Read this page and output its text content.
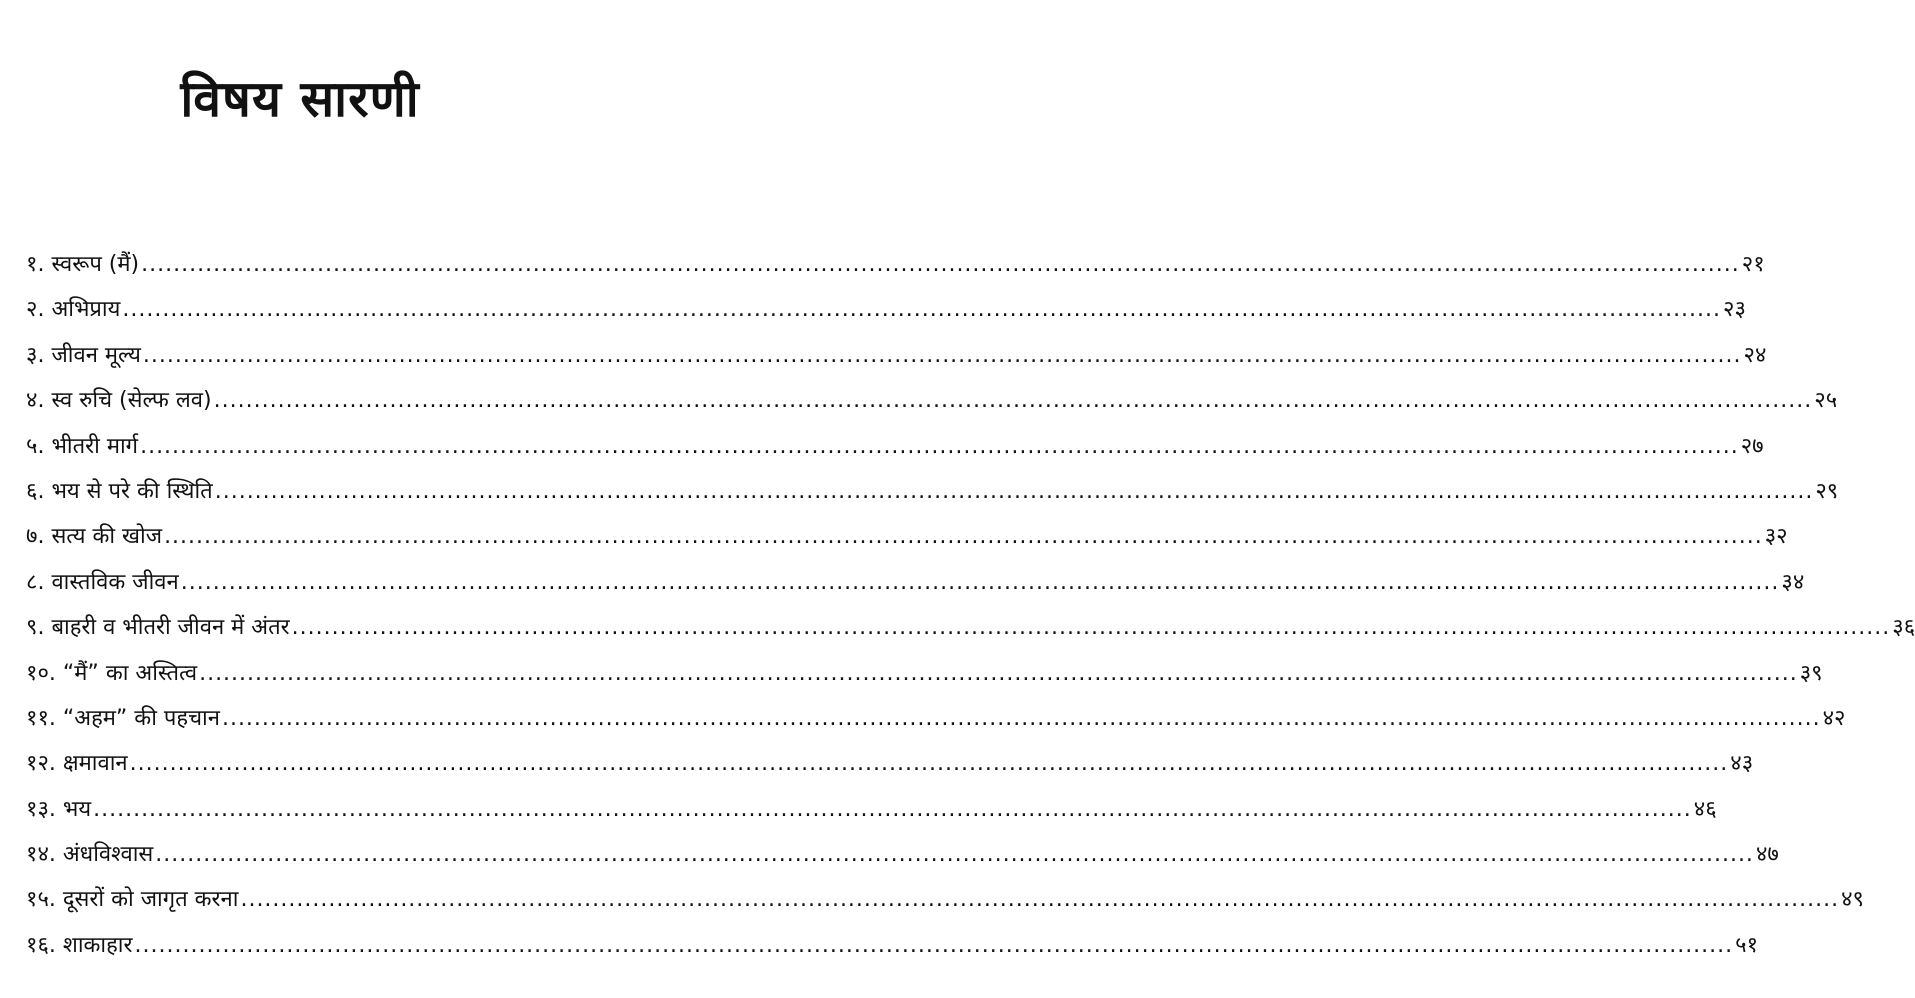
विषय सारणी
१.
स्वरूप (मैं) ........................................................................................................................................................................................................ २१
२.
अभिप्राय ........................................................................................................................................................................................................ २३
३.
जीवन मूल्य ........................................................................................................................................................................................................ २४
४.
स्व रुचि (सेल्फ लव) ........................................................................................................................................................................................................ २५
५.
भीतरी मार्ग ........................................................................................................................................................................................................ २७
६.
भय से परे की स्थिति ........................................................................................................................................................................................................ २९
७.
सत्य की खोज ........................................................................................................................................................................................................ ३२
८.
वास्तविक जीवन ........................................................................................................................................................................................................ ३४
९.
बाहरी व भीतरी जीवन में अंतर ........................................................................................................................................................................................................ ३६
१०.
“मैं” का अस्तित्व ........................................................................................................................................................................................................ ३९
११.
“अहम” की पहचान ........................................................................................................................................................................................................ ४२
१२.
क्षमावान ........................................................................................................................................................................................................ ४३
१३.
भय ........................................................................................................................................................................................................ ४६
१४.
अंधविश्वास ........................................................................................................................................................................................................ ४७
१५.
दूसरों को जागृत करना ........................................................................................................................................................................................................ ४९
१६.
शाकाहार ........................................................................................................................................................................................................ ५१
